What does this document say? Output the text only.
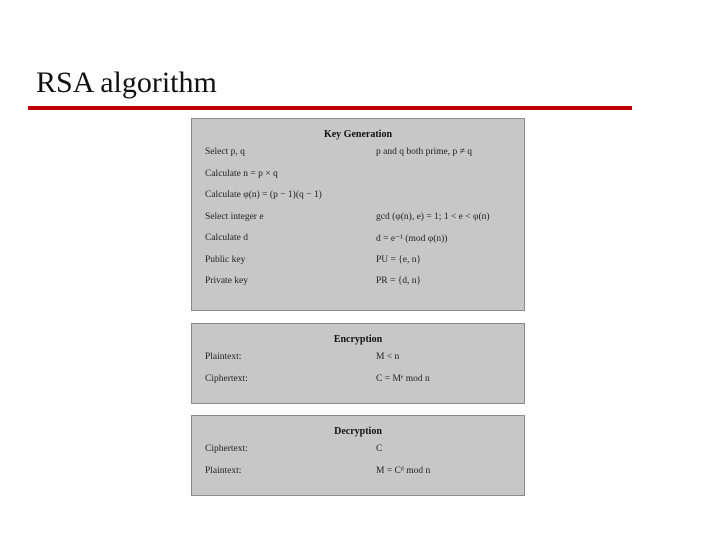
RSA algorithm
Key Generation
Select p, q	p and q both prime, p ≠ q
Calculate n = p × q
Calculate φ(n) = (p − 1)(q − 1)
Select integer e	gcd (φ(n), e) = 1; 1 < e < φ(n)
Calculate d	d = e⁻¹ (mod φ(n))
Public key	PU = {e, n}
Private key	PR = {d, n}
Encryption
Plaintext:	M < n
Ciphertext:	C = Mᵉ mod n
Decryption
Ciphertext:	C
Plaintext:	M = Cᵈ mod n
